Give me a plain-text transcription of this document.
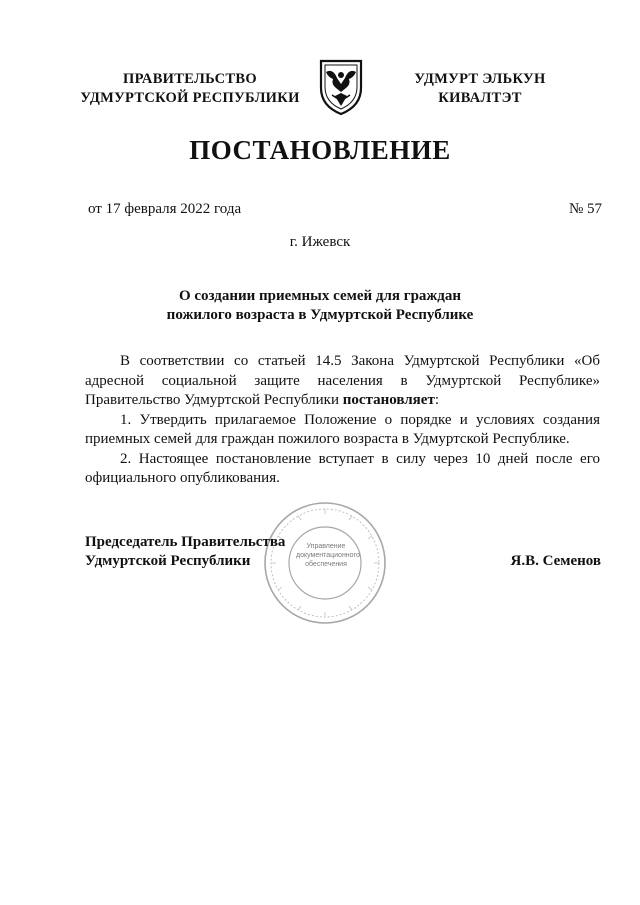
ПРАВИТЕЛЬСТВО
УДМУРТСКОЙ РЕСПУБЛИКИ
УДМУРТ ЭЛЬКУН
КИВАЛТЭТ
ПОСТАНОВЛЕНИЕ
от 17 февраля 2022 года	№ 57
г. Ижевск
О создании приемных семей для граждан
пожилого возраста в Удмуртской Республике

В соответствии со статьей 14.5 Закона Удмуртской Республики «Об адресной социальной защите населения в Удмуртской Республике» Правительство Удмуртской Республики постановляет:

1. Утвердить прилагаемое Положение о порядке и условиях создания приемных семей для граждан пожилого возраста в Удмуртской Республике.

2. Настоящее постановление вступает в силу через 10 дней после его официального опубликования.

Управление документационного обеспечения
Председатель Правительства
Удмуртской Республики	Я.В. Семенов
